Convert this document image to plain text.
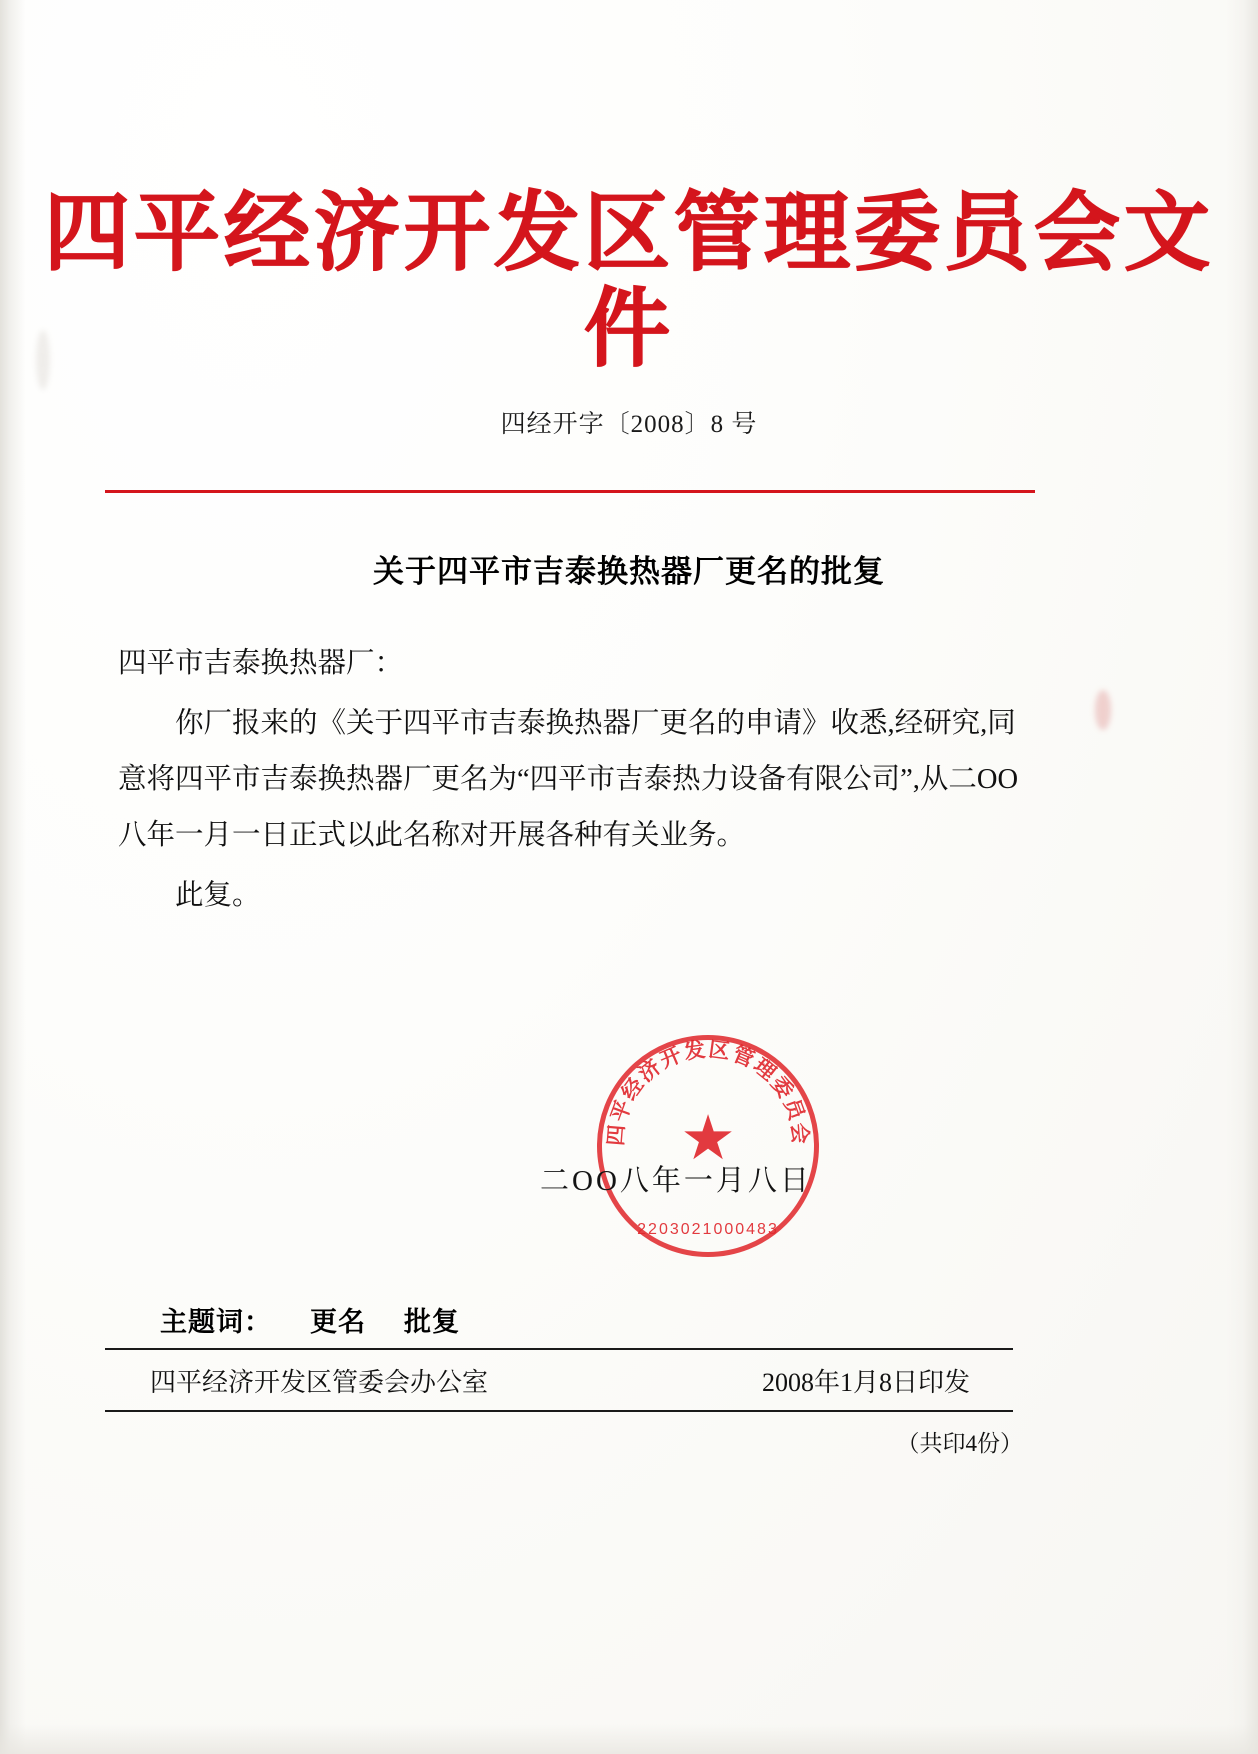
四平经济开发区管理委员会文件
四经开字〔2008〕8 号
关于四平市吉泰换热器厂更名的批复

四平市吉泰换热器厂：

你厂报来的《关于四平市吉泰换热器厂更名的申请》收悉,经研究,同意将四平市吉泰换热器厂更名为“四平市吉泰热力设备有限公司”,从二OO八年一月一日正式以此名称对开展各种有关业务。

此复。

四平经济开发区管理委员会
★
2203021000483
二OO八年一月八日
主题词： 更名 批复
四平经济开发区管委会办公室	2008年1月8日印发
（共印4份）
